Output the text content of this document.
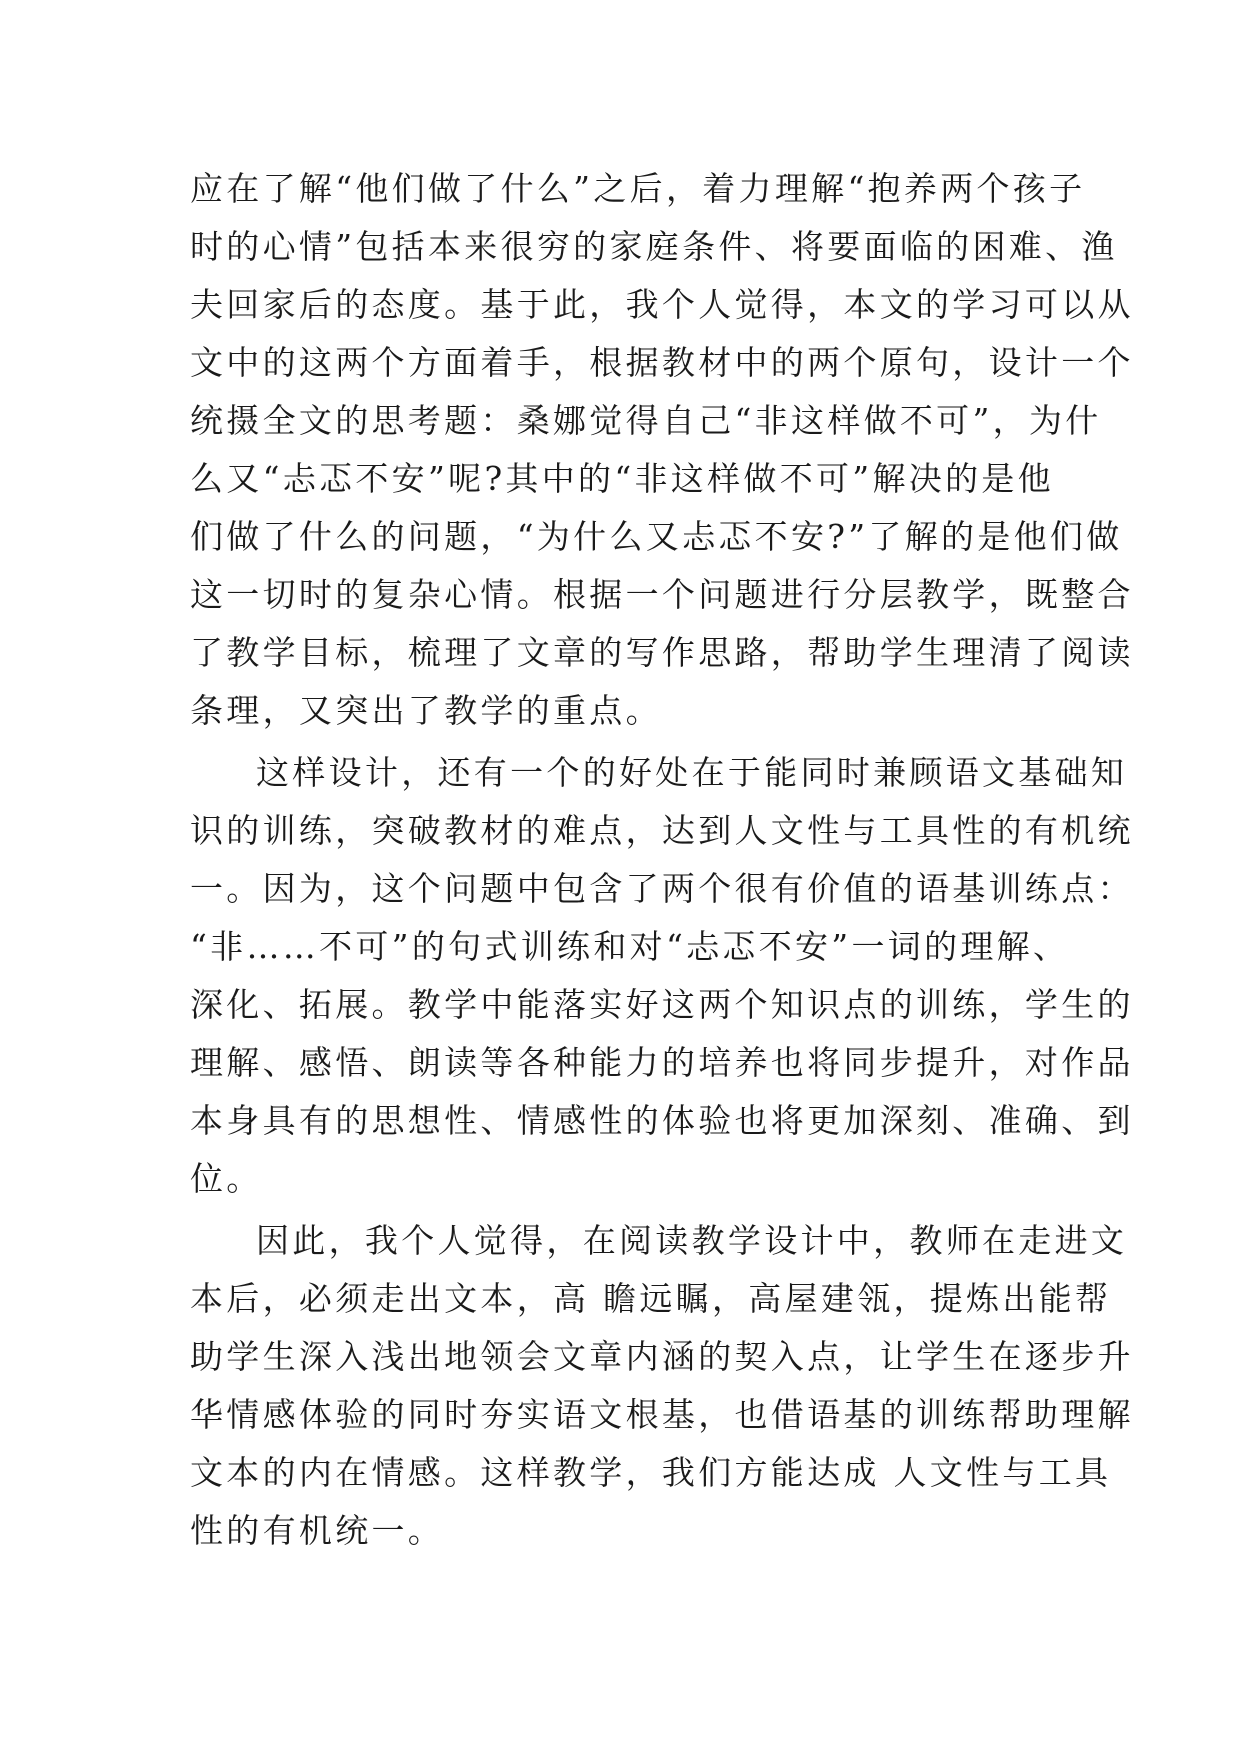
应在了解“他们做了什么”之后，着力理解“抱养两个孩子
时的心情”包括本来很穷的家庭条件、将要面临的困难、渔
夫回家后的态度。基于此，我个人觉得，本文的学习可以从
文中的这两个方面着手，根据教材中的两个原句，设计一个
统摄全文的思考题：桑娜觉得自己“非这样做不可”，为什
么又“忐忑不安”呢?其中的“非这样做不可”解决的是他
们做了什么的问题，“为什么又忐忑不安?”了解的是他们做
这一切时的复杂心情。根据一个问题进行分层教学，既整合
了教学目标，梳理了文章的写作思路，帮助学生理清了阅读
条理，又突出了教学的重点。
这样设计，还有一个的好处在于能同时兼顾语文基础知
识的训练，突破教材的难点，达到人文性与工具性的有机统
一。因为，这个问题中包含了两个很有价值的语基训练点：
“非……不可”的句式训练和对“忐忑不安”一词的理解、
深化、拓展。教学中能落实好这两个知识点的训练，学生的
理解、感悟、朗读等各种能力的培养也将同步提升，对作品
本身具有的思想性、情感性的体验也将更加深刻、准确、到
位。
因此，我个人觉得，在阅读教学设计中，教师在走进文
本后，必须走出文本，高 瞻远瞩，高屋建瓴，提炼出能帮
助学生深入浅出地领会文章内涵的契入点，让学生在逐步升
华情感体验的同时夯实语文根基，也借语基的训练帮助理解
文本的内在情感。这样教学，我们方能达成 人文性与工具
性的有机统一。
